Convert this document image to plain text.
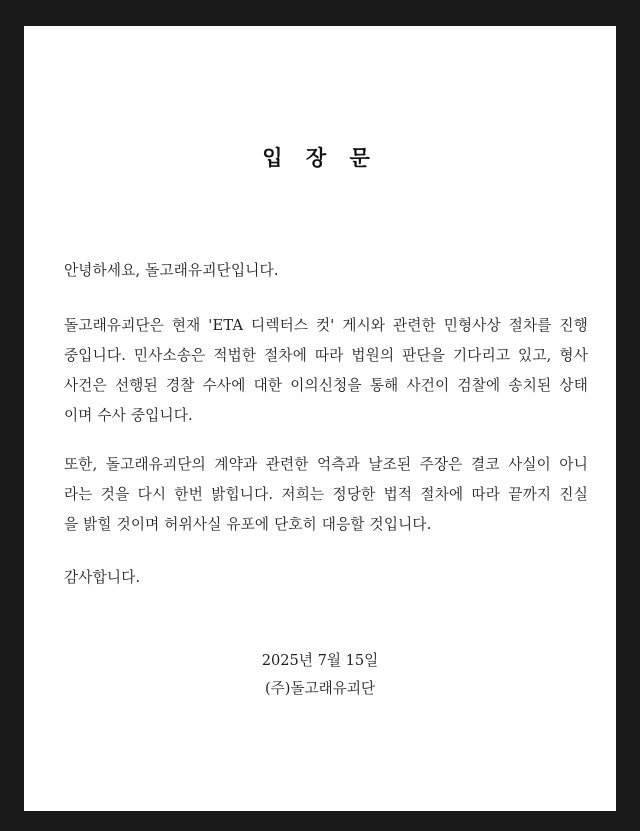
입 장 문
안녕하세요, 돌고래유괴단입니다.
돌고래유괴단은 현재 'ETA 디렉터스 컷' 게시와 관련한 민형사상 절차를 진행
중입니다. 민사소송은 적법한 절차에 따라 법원의 판단을 기다리고 있고, 형사
사건은 선행된 경찰 수사에 대한 이의신청을 통해 사건이 검찰에 송치된 상태
이며 수사 중입니다.
또한, 돌고래유괴단의 계약과 관련한 억측과 날조된 주장은 결코 사실이 아니
라는 것을 다시 한번 밝힙니다. 저희는 정당한 법적 절차에 따라 끝까지 진실
을 밝힐 것이며 허위사실 유포에 단호히 대응할 것입니다.
감사합니다.
2025년 7월 15일
(주)돌고래유괴단
